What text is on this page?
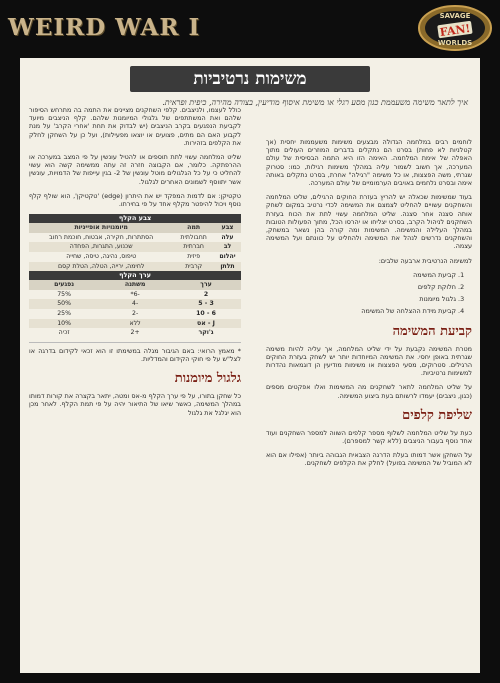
WEIRD WAR I	SAVAGE
FAN!
WORLDS
משימות נרטיביות
איך לתאר משימה משעממת כגון מסע רגלי או משימת איסוף מודיעין, בצורה מהירה, כיפית ופראית.

לוחמים רבים במלחמה הגדולה מבצעים משימות משעממות יחסית (אך קטלניות לא פחות) בסרט הם נתקלים בדברים המוזרים העולים מתוך האפלה של אימת המלחמה. האימה הזו היא התמה הבסיסית של עולם המערכה, אך חשוב לשמור עליה במהלך משימות רגילות, כמו: סטרוק שגרתי, משה הפצצות, או כל משימה "רגילה" אחרת, בסרט נתקלים באותה אימה ובסרט נלחמים באויבים הערמומיים של עולם המערכה.

בעוד שמשימות שכאלה יש להריץ בעזרת החוקים הרגילים, שליט המלחמה והשחקנים עשויים להחליט לצמצם את המשימה לכדי נרטיב במקום לשחק אותה סצנה אחר סצנה. שליט המלחמה עשוי לתת את הכוח בעזרת השחקנים לניהול הקרב, בסרט יצליחו או יהרסו הכל, מתוך הפעולות הטובות במהלך העלילה והמשימה. המשימות ומה קורה בהן נשאר במשחק, והשחקנים נדרשים לנהל את המשימה ולהחליט על כוונתם ועל המשימה עצמה.

למשימה הנרטיבית ארבעה שלבים:

1. קביעת המשימה
2. חלוקת קלפים
3. גלגול מיומנות
4. קביעת מידת ההצלחה של המשימה
קביעת המשימה

מטרת המשימה נקבעת על ידי שליט המלחמה, אך עליה להיות משימה שגרתית באופן יחסי. את המשימה המיוחדות יותר יש לשחק בעזרת החוקים הרגילים. סטרוקים, מסעי הפצצות או משימות מודיעין הן דוגמאות נהדרות למשימות נרטיביות.

על שליט המלחמה לתאר לשחקנים מה המשימות ואלו אפקטים מספים (כגון, ניצבים) יעמדו לרשותם בעת ביצוע המשימה.

שליפת קלפים

כעת על שליט המלחמה לשלוף מספר קלפים השווה למספר השחקנים ועוד אחד נוסף בעבור הניצבים (ללא קשר למספרם).

על השחקן אשר דמותו בעלת הדרגה הצבאית הגבוהה ביותר (אפילו אם הוא לא המוביל של המשימה בפועל) לחלק את הקלפים לשחקנים.

כולל לעצמו, ולניצבים. קלפי השחקנים מציינים את התמה בה מתרחש הסיפור שלהם ואת המשתתפים של גלגולי המיומנות שלהם. קלף הניצבים מיועד לקביעת הנפגעים בקרב הניצבים (יש לבדוק את תחת 'אחרי הקרב' על מנת לקבוע האם הם מתים, פצועים או יוצאו מפעילות), ועל כן על השחקן לחלק את הקלפים בזהירות.

שליט המלחמה עשוי לתת תוספים או להטיל עונשין על פי המצב במערכה או ההרפתקה. כלומר, אם הקבוצה חזרה זה עתה ממשימה קשה הוא עשוי להחליט כי על כל הגלגולים מוטל עונשין של 2- בגין עייפות של הדמויות, עונשין אשר יתווסף לשמונים האחרים לגלגול.

טקטיקן: אם לדמות המפקד יש את היתרון (edge) 'טקטיקן', הוא שולף קלף נוסף ויכול להיפטר מקלף אחד על פי בחירתו.

צבע הקלף
צבע	תמה	מיומנויות אופייניות
עלה	תחבולתית	הסתתרות, חקירה, אבטוח, חוכמת רחוב
לב	חברתית	שכנוע, התגרות, הפחדה
יהלום	פיזית	טיפוס, נהיגה, טיסה, שחייה
תלתן	קרבית	לחימה, ירייה, הטלה, הטלת קסם
ערך הקלף
ערך	משתנה	נפגעים
2	-6*	75%
3 - 5	-4	50%
6 - 10	-2	25%
J - אס	ללא	10%
ג'וקר	+2	זכיה

* מאמץ הרואי: באם הגיבור מגלה במשימתו זו הוא זכאי לקידום בדרגה או לצל"ש על פי חוקי הקידום והמדליות.

גלגול מיומנות

כל שחקן בתורו, על פי ערך הקלף מ-אס ומטה, יתאר בקצרה את קורות דמותו במהלך המשימה, כאשר שיאו של התיאור יהיה על פי תמת הקלף. לאחר מכן הוא יגלגל את גלגול
